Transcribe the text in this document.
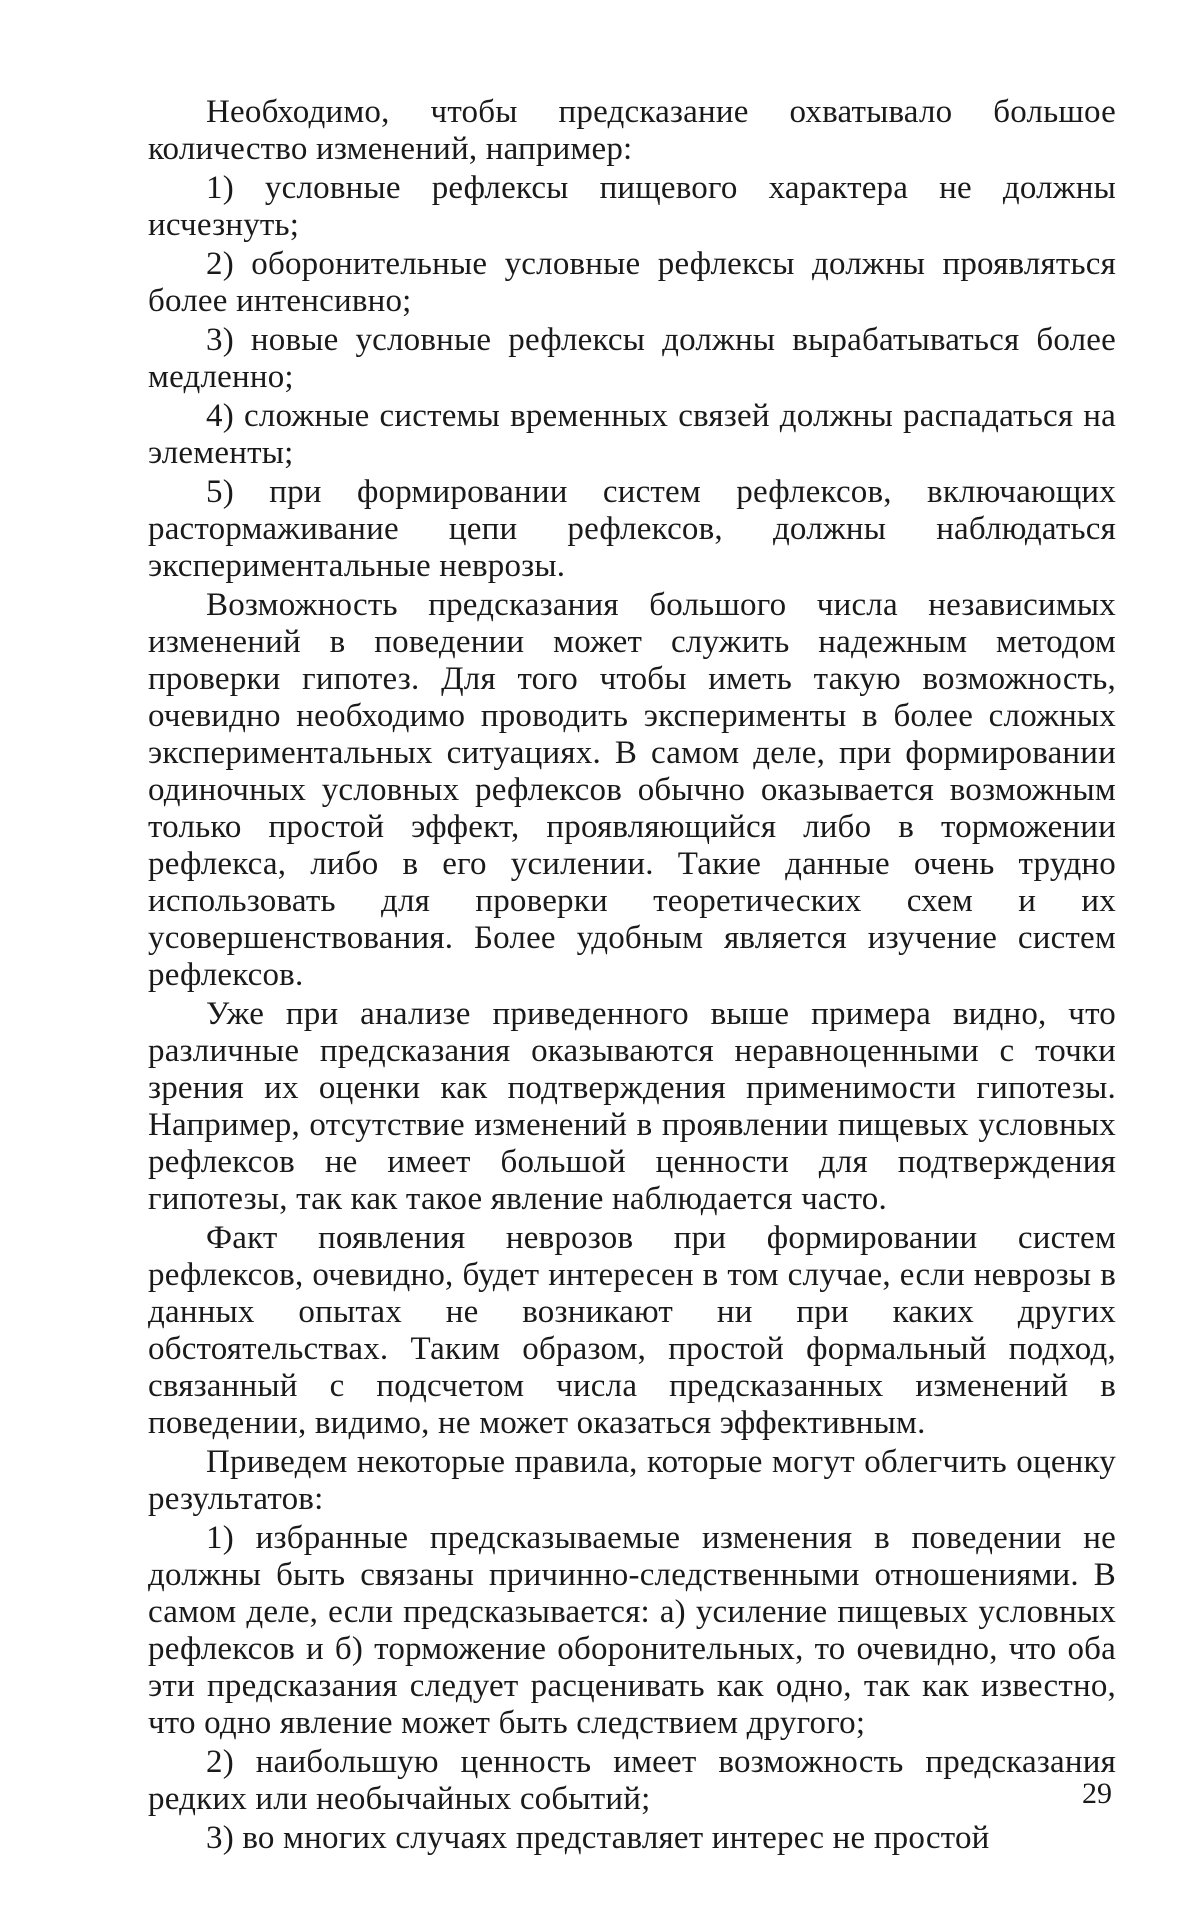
Необходимо, чтобы предсказание охватывало большое количество изменений, например:

1) условные рефлексы пищевого характера не должны исчезнуть;

2) оборонительные условные рефлексы должны проявляться более интенсивно;

3) новые условные рефлексы должны вырабатываться более медленно;

4) сложные системы временных связей должны распадаться на элементы;

5) при формировании систем рефлексов, включающих растормаживание цепи рефлексов, должны наблюдаться экспериментальные неврозы.

Возможность предсказания большого числа независимых изменений в поведении может служить надежным методом проверки гипотез. Для того чтобы иметь такую возможность, очевидно необходимо проводить эксперименты в более сложных экспериментальных ситуациях. В самом деле, при формировании одиночных условных рефлексов обычно оказывается возможным только простой эффект, проявляющийся либо в торможении рефлекса, либо в его усилении. Такие данные очень трудно использовать для проверки теоретических схем и их усовершенствования. Более удобным является изучение систем рефлексов.

Уже при анализе приведенного выше примера видно, что различные предсказания оказываются неравноценными с точки зрения их оценки как подтверждения применимости гипотезы. Например, отсутствие изменений в проявлении пищевых условных рефлексов не имеет большой ценности для подтверждения гипотезы, так как такое явление наблюдается часто.

Факт появления неврозов при формировании систем рефлексов, очевидно, будет интересен в том случае, если неврозы в данных опытах не возникают ни при каких других обстоятельствах. Таким образом, простой формальный подход, связанный с подсчетом числа предсказанных изменений в поведении, видимо, не может оказаться эффективным.

Приведем некоторые правила, которые могут облегчить оценку результатов:

1) избранные предсказываемые изменения в поведении не должны быть связаны причинно-следственными отношениями. В самом деле, если предсказывается: а) усиление пищевых условных рефлексов и б) торможение оборонительных, то очевидно, что оба эти предсказания следует расценивать как одно, так как известно, что одно явление может быть следствием другого;

2) наибольшую ценность имеет возможность предсказания редких или необычайных событий;

3) во многих случаях представляет интерес не простой

29
